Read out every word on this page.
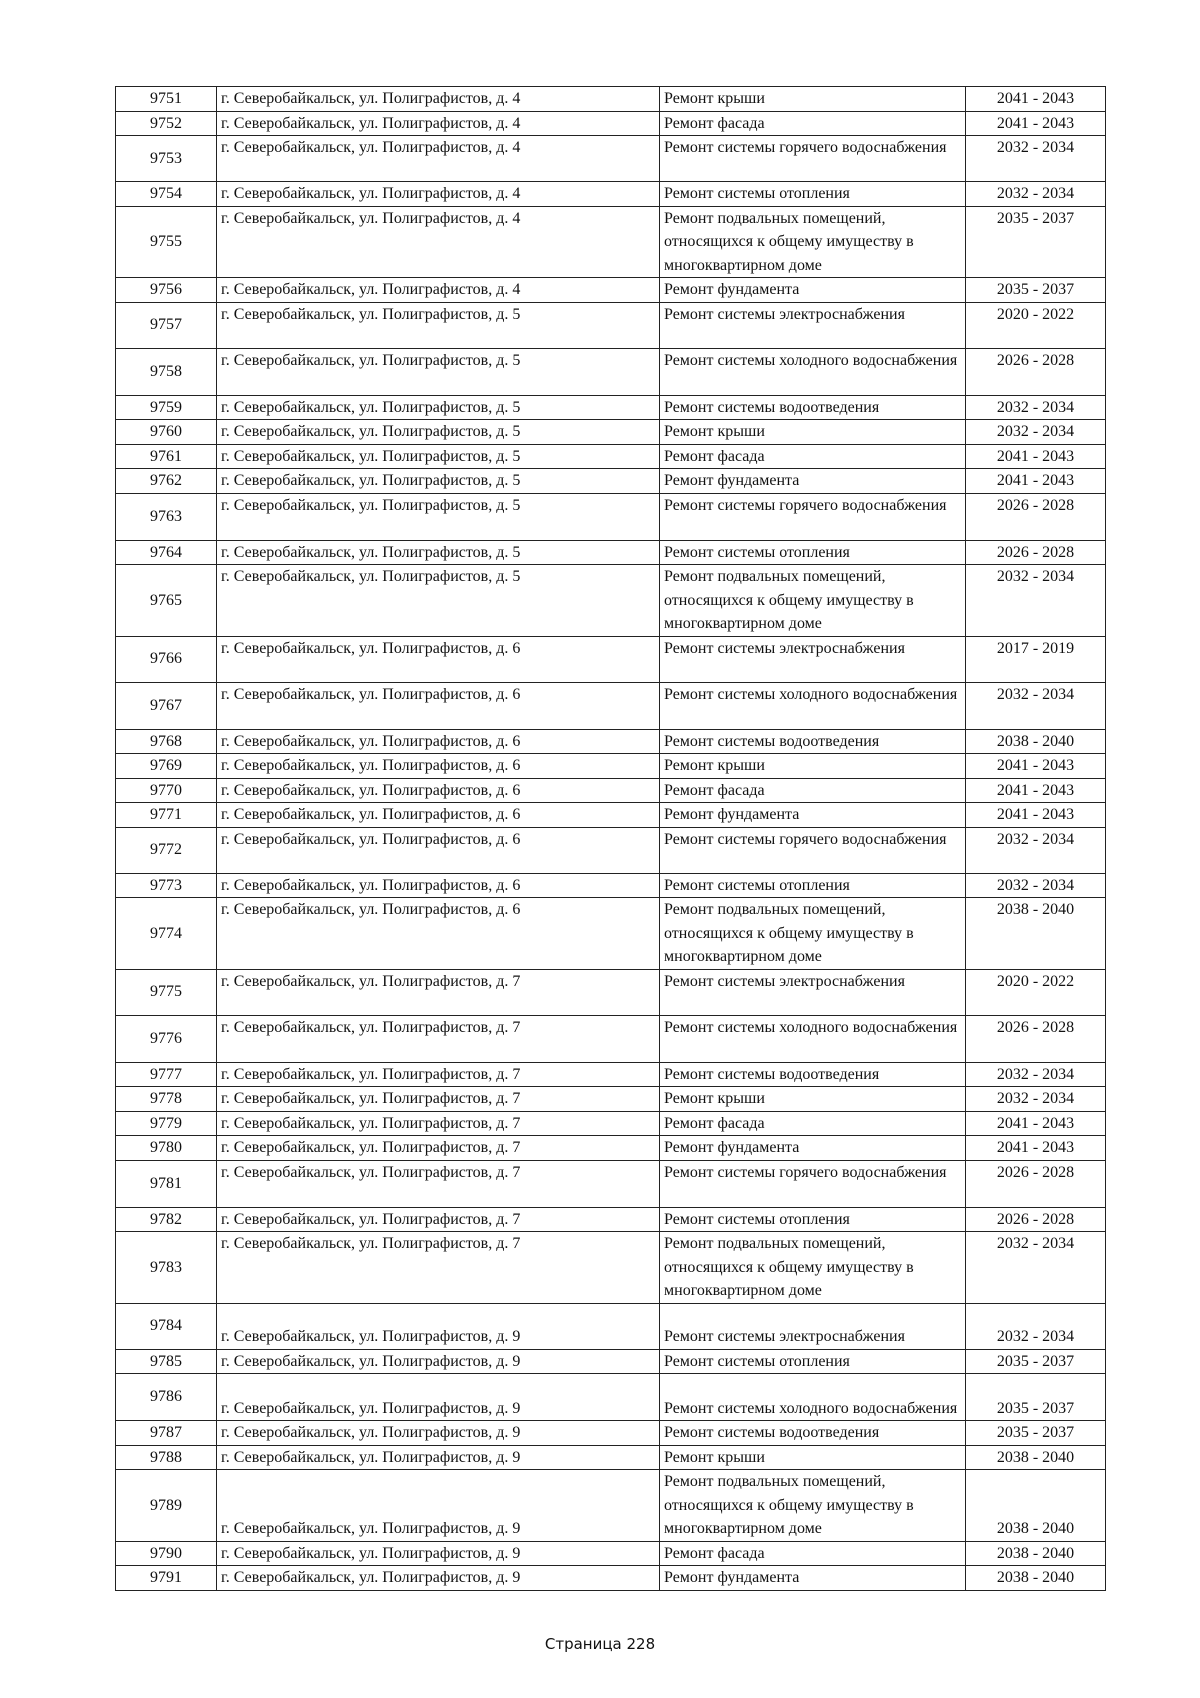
9751	г. Северобайкальск, ул. Полиграфистов, д. 4	Ремонт крыши	2041 - 2043
9752	г. Северобайкальск, ул. Полиграфистов, д. 4	Ремонт фасада	2041 - 2043
9753	г. Северобайкальск, ул. Полиграфистов, д. 4	Ремонт системы горячего водоснабжения	2032 - 2034
9754	г. Северобайкальск, ул. Полиграфистов, д. 4	Ремонт системы отопления	2032 - 2034
9755	г. Северобайкальск, ул. Полиграфистов, д. 4	Ремонт подвальных помещений, относящихся к общему имуществу в многоквартирном доме	2035 - 2037
9756	г. Северобайкальск, ул. Полиграфистов, д. 4	Ремонт фундамента	2035 - 2037
9757	г. Северобайкальск, ул. Полиграфистов, д. 5	Ремонт системы электроснабжения	2020 - 2022
9758	г. Северобайкальск, ул. Полиграфистов, д. 5	Ремонт системы холодного водоснабжения	2026 - 2028
9759	г. Северобайкальск, ул. Полиграфистов, д. 5	Ремонт системы водоотведения	2032 - 2034
9760	г. Северобайкальск, ул. Полиграфистов, д. 5	Ремонт крыши	2032 - 2034
9761	г. Северобайкальск, ул. Полиграфистов, д. 5	Ремонт фасада	2041 - 2043
9762	г. Северобайкальск, ул. Полиграфистов, д. 5	Ремонт фундамента	2041 - 2043
9763	г. Северобайкальск, ул. Полиграфистов, д. 5	Ремонт системы горячего водоснабжения	2026 - 2028
9764	г. Северобайкальск, ул. Полиграфистов, д. 5	Ремонт системы отопления	2026 - 2028
9765	г. Северобайкальск, ул. Полиграфистов, д. 5	Ремонт подвальных помещений, относящихся к общему имуществу в многоквартирном доме	2032 - 2034
9766	г. Северобайкальск, ул. Полиграфистов, д. 6	Ремонт системы электроснабжения	2017 - 2019
9767	г. Северобайкальск, ул. Полиграфистов, д. 6	Ремонт системы холодного водоснабжения	2032 - 2034
9768	г. Северобайкальск, ул. Полиграфистов, д. 6	Ремонт системы водоотведения	2038 - 2040
9769	г. Северобайкальск, ул. Полиграфистов, д. 6	Ремонт крыши	2041 - 2043
9770	г. Северобайкальск, ул. Полиграфистов, д. 6	Ремонт фасада	2041 - 2043
9771	г. Северобайкальск, ул. Полиграфистов, д. 6	Ремонт фундамента	2041 - 2043
9772	г. Северобайкальск, ул. Полиграфистов, д. 6	Ремонт системы горячего водоснабжения	2032 - 2034
9773	г. Северобайкальск, ул. Полиграфистов, д. 6	Ремонт системы отопления	2032 - 2034
9774	г. Северобайкальск, ул. Полиграфистов, д. 6	Ремонт подвальных помещений, относящихся к общему имуществу в многоквартирном доме	2038 - 2040
9775	г. Северобайкальск, ул. Полиграфистов, д. 7	Ремонт системы электроснабжения	2020 - 2022
9776	г. Северобайкальск, ул. Полиграфистов, д. 7	Ремонт системы холодного водоснабжения	2026 - 2028
9777	г. Северобайкальск, ул. Полиграфистов, д. 7	Ремонт системы водоотведения	2032 - 2034
9778	г. Северобайкальск, ул. Полиграфистов, д. 7	Ремонт крыши	2032 - 2034
9779	г. Северобайкальск, ул. Полиграфистов, д. 7	Ремонт фасада	2041 - 2043
9780	г. Северобайкальск, ул. Полиграфистов, д. 7	Ремонт фундамента	2041 - 2043
9781	г. Северобайкальск, ул. Полиграфистов, д. 7	Ремонт системы горячего водоснабжения	2026 - 2028
9782	г. Северобайкальск, ул. Полиграфистов, д. 7	Ремонт системы отопления	2026 - 2028
9783	г. Северобайкальск, ул. Полиграфистов, д. 7	Ремонт подвальных помещений, относящихся к общему имуществу в многоквартирном доме	2032 - 2034
9784	г. Северобайкальск, ул. Полиграфистов, д. 9	Ремонт системы электроснабжения	2032 - 2034
9785	г. Северобайкальск, ул. Полиграфистов, д. 9	Ремонт системы отопления	2035 - 2037
9786	г. Северобайкальск, ул. Полиграфистов, д. 9	Ремонт системы холодного водоснабжения	2035 - 2037
9787	г. Северобайкальск, ул. Полиграфистов, д. 9	Ремонт системы водоотведения	2035 - 2037
9788	г. Северобайкальск, ул. Полиграфистов, д. 9	Ремонт крыши	2038 - 2040
9789	г. Северобайкальск, ул. Полиграфистов, д. 9	Ремонт подвальных помещений, относящихся к общему имуществу в многоквартирном доме	2038 - 2040
9790	г. Северобайкальск, ул. Полиграфистов, д. 9	Ремонт фасада	2038 - 2040
9791	г. Северобайкальск, ул. Полиграфистов, д. 9	Ремонт фундамента	2038 - 2040
Страница 228
